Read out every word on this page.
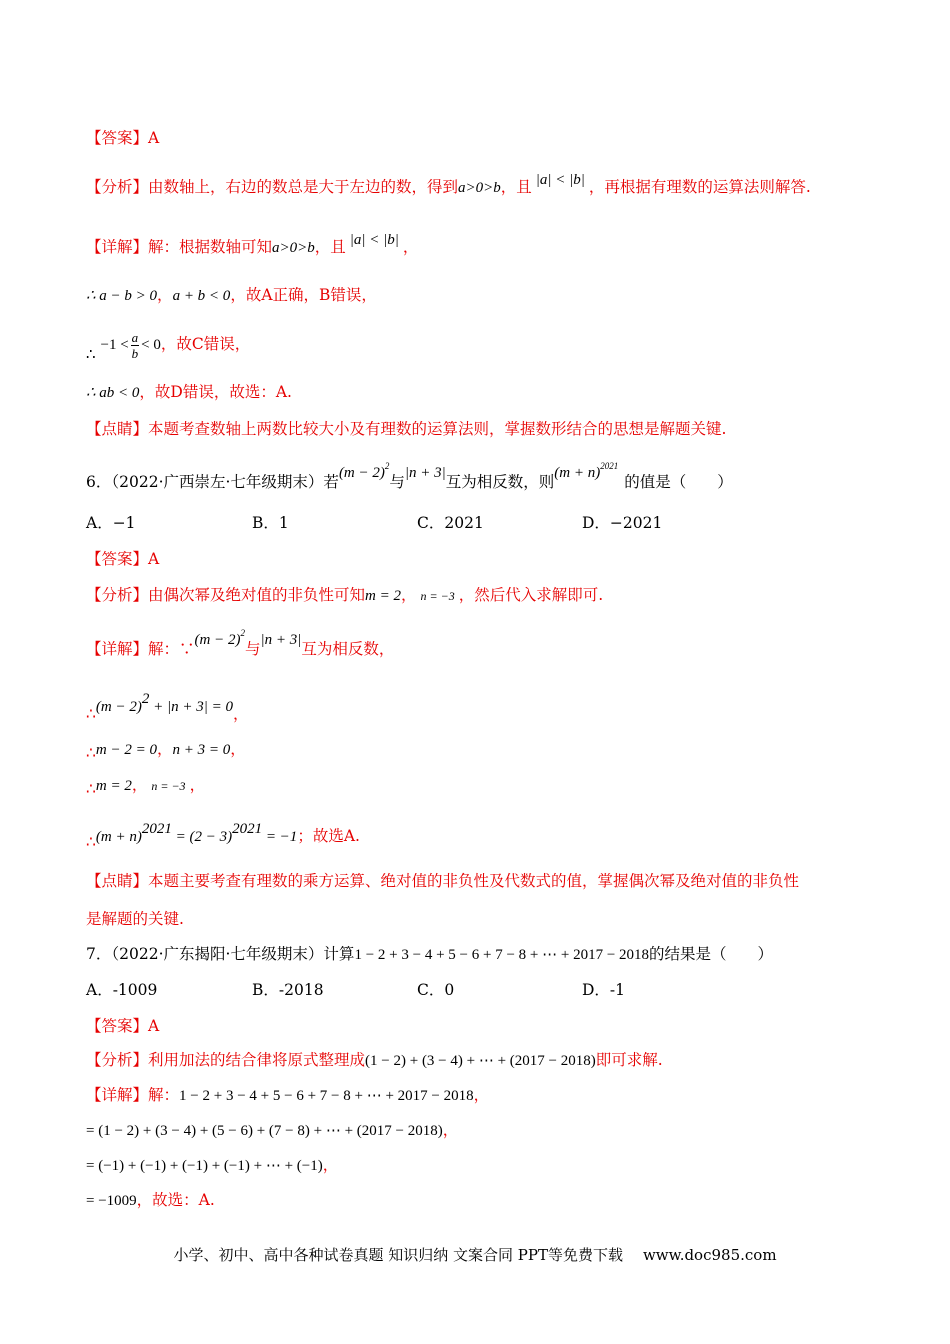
【答案】A
【分析】由数轴上，右边的数总是大于左边的数，得到a>0>b，且 |a| < |b| ，再根据有理数的运算法则解答.
【详解】解：根据数轴可知a>0>b，且 |a| < |b| ，
∴ a − b > 0，a + b < 0，故A正确，B错误，
∴ $-1 < \frac{a}{b} < 0$，故C错误，
∴ ab < 0，故D错误，故选：A.
【点睛】本题考查数轴上两数比较大小及有理数的运算法则，掌握数形结合的思想是解题关键.
6．（2022·广西崇左·七年级期末）若$(m - 2)^2$与|n + 3|互为相反数，则$(m + n)^{2021}$的值是（　　）
A．−1	B．1	C．2021	D．−2021
【答案】A
【分析】由偶次幂及绝对值的非负性可知m = 2， n = −3 ，然后代入求解即可.
【详解】解：∵(m − 2)$^2$与|n + 3|互为相反数，
∴(m − 2)$^2$ + |n + 3| = 0，
∴m − 2 = 0，n + 3 = 0，
∴m = 2， n = −3 ，
∴(m + $n)^{2021} = (2 - 3)^{2021} = -1$；故选A.
【点睛】本题主要考查有理数的乘方运算、绝对值的非负性及代数式的值，掌握偶次幂及绝对值的非负性
是解题的关键.
7．（2022·广东揭阳·七年级期末）计算1 − 2 + 3 − 4 + 5 − 6 + 7 − 8 + ⋯ + 2017 − 2018的结果是（　　）
A．-1009	B．-2018	C．0	D．-1
【答案】A
【分析】利用加法的结合律将原式整理成(1 − 2) + (3 − 4) + ⋯ + (2017 − 2018)即可求解.
【详解】解：1 − 2 + 3 − 4 + 5 − 6 + 7 − 8 + ⋯ + 2017 − 2018，
= (1 − 2) + (3 − 4) + (5 − 6) + (7 − 8) + ⋯ + (2017 − 2018)，
= (−1) + (−1) + (−1) + (−1) + ⋯ + (−1)，
= −1009，故选：A.
小学、初中、高中各种试卷真题 知识归纳 文案合同 PPT等免费下载 www.doc985.com
